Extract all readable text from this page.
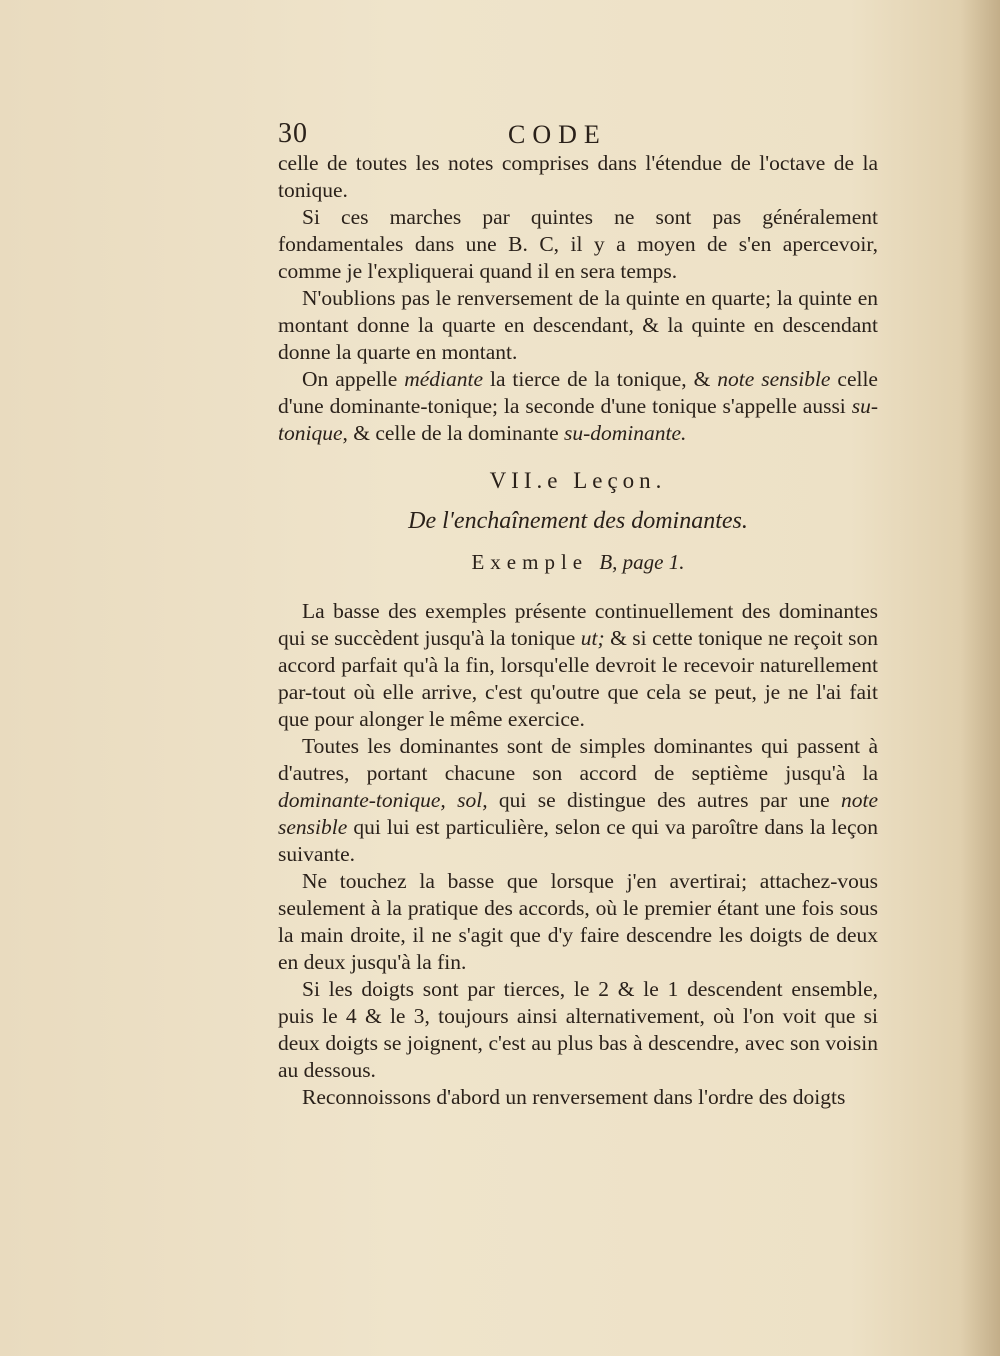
30	CODE

celle de toutes les notes comprises dans l'étendue de l'octave de la tonique.

Si ces marches par quintes ne sont pas généralement fondamentales dans une B. C, il y a moyen de s'en apercevoir, comme je l'expliquerai quand il en sera temps.

N'oublions pas le renversement de la quinte en quarte; la quinte en montant donne la quarte en descendant, & la quinte en descendant donne la quarte en montant.

On appelle médiante la tierce de la tonique, & note sensible celle d'une dominante-tonique; la seconde d'une tonique s'appelle aussi su-tonique, & celle de la dominante su-dominante.

VII.e Leçon.
De l'enchaînement des dominantes.
Exemple B, page 1.

La basse des exemples présente continuellement des dominantes qui se succèdent jusqu'à la tonique ut; & si cette tonique ne reçoit son accord parfait qu'à la fin, lorsqu'elle devroit le recevoir naturellement par-tout où elle arrive, c'est qu'outre que cela se peut, je ne l'ai fait que pour alonger le même exercice.

Toutes les dominantes sont de simples dominantes qui passent à d'autres, portant chacune son accord de septième jusqu'à la dominante-tonique, sol, qui se distingue des autres par une note sensible qui lui est particulière, selon ce qui va paroître dans la leçon suivante.

Ne touchez la basse que lorsque j'en avertirai; attachez-vous seulement à la pratique des accords, où le premier étant une fois sous la main droite, il ne s'agit que d'y faire descendre les doigts de deux en deux jusqu'à la fin.

Si les doigts sont par tierces, le 2 & le 1 descendent ensemble, puis le 4 & le 3, toujours ainsi alternativement, où l'on voit que si deux doigts se joignent, c'est au plus bas à descendre, avec son voisin au dessous.

Reconnoissons d'abord un renversement dans l'ordre des doigts
